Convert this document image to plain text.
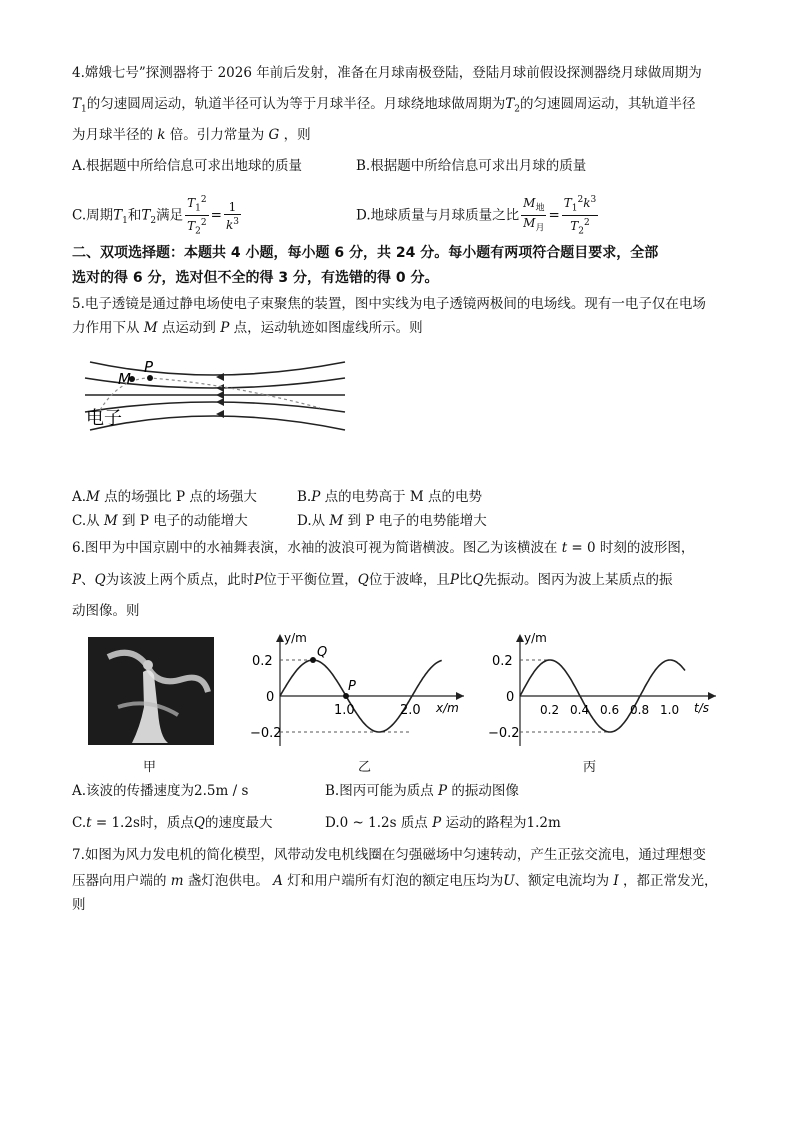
4.嫦娥七号”探测器将于 2026 年前后发射，准备在月球南极登陆，登陆月球前假设探测器绕月球做周期为
$T_1$的匀速圆周运动，轨道半径可认为等于月球半径。月球绕地球做周期为$T_2$的匀速圆周运动，其轨道半径
为月球半径的 k 倍。引力常量为 G ，则
A.根据题中所给信息可求出地球的质量	B.根据题中所给信息可求出月球的质量
C.周期$T_1$和$T_2$满足 $\frac{T_1^2}{T_2^2} = \frac{1}{k^3}$	D.地球质量与月球质量之比 $\frac{M_地}{M_月} = \frac{T_1^2k^3}{T_2^2}$
二、双项选择题：本题共 4 小题，每小题 6 分，共 24 分。每小题有两项符合题目要求，全部
选对的得 6 分，选对但不全的得 3 分，有选错的得 0 分。
5.电子透镜是通过静电场使电子束聚焦的装置，图中实线为电子透镜两极间的电场线。现有一电子仅在电场
力作用下从 M 点运动到 P 点，运动轨迹如图虚线所示。则
M
P
电子
A.M 点的场强比 P 点的场强大	B.P 点的电势高于 M 点的电势
C.从 M 到 P 电子的动能增大	D.从 M 到 P 电子的电势能增大
6.图甲为中国京剧中的水袖舞表演，水袖的波浪可视为简谐横波。图乙为该横波在 t = 0 时刻的波形图，
P、Q为该波上两个质点，此时P位于平衡位置，Q位于波峰，且P比Q先振动。图丙为波上某质点的振
动图像。则
甲
Q
P
0.2
−0.2
0
1.0	2.0
y/m
x/m
乙
0.2
−0.2
0
0.2 0.4 0.6 0.8 1.0
y/m
t/s
丙
A.该波的传播速度为2.5m / s	B.图丙可能为质点 P 的振动图像
C.t = 1.2s时，质点Q的速度最大	D.0 ~ 1.2s 质点 P 运动的路程为1.2m
7.如图为风力发电机的简化模型，风带动发电机线圈在匀强磁场中匀速转动，产生正弦交流电，通过理想变
压器向用户端的 m 盏灯泡供电。 A 灯和用户端所有灯泡的额定电压均为U、额定电流均为 I ，都正常发光，
则
